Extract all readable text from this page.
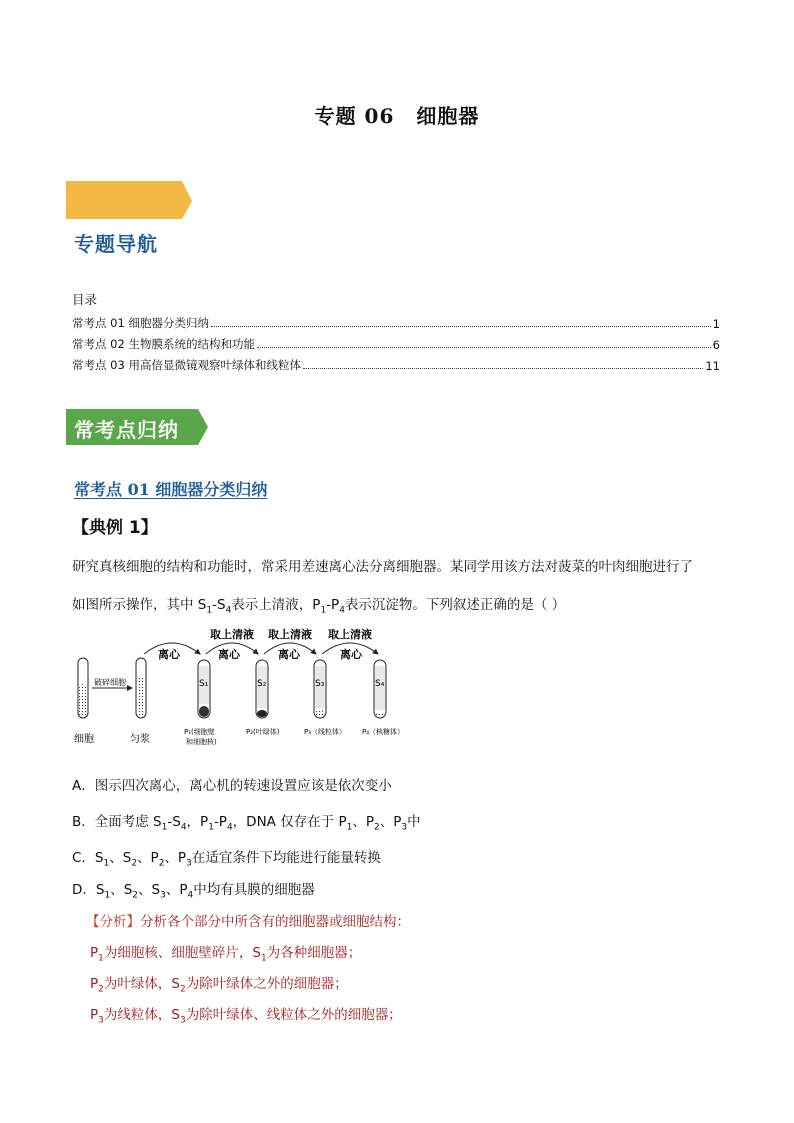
专题 06 细胞器
专题导航
目录
常考点 01 细胞器分类归纳	1
常考点 02 生物膜系统的结构和功能	6
常考点 03 用高倍显微镜观察叶绿体和线粒体	11
常考点归纳
常考点 01 细胞器分类归纳
【典例 1】
研究真核细胞的结构和功能时，常采用差速离心法分离细胞器。某同学用该方法对菠菜的叶肉细胞进行了
如图所示操作，其中 $S_1-S_4$表示上清液，$P_1-P_4$表示沉淀物。下列叙述正确的是（ ）
细胞
破碎细胞
匀浆
离心	离心
取上清液
离心
取上清液
离心
取上清液
S₁
P₁(细胞壁
和细胞核)
S₂
P₂(叶绿体)
S₃
P₃（线粒体）
S₄
P₄（核糖体）
A．图示四次离心，离心机的转速设置应该是依次变小
B．全面考虑 $S_1-S_4$，$P_1-P_4$，DNA 仅存在于 $P_1$、$P_2$、$P_3$中
C．$S_1$、$S_2$、$P_2$、$P_3$在适宜条件下均能进行能量转换
D．$S_1$、$S_2$、$S_3$、$P_4$中均有具膜的细胞器
【分析】分析各个部分中所含有的细胞器或细胞结构：
$P_1$为细胞核、细胞壁碎片，$S_1$为各种细胞器；
$P_2$为叶绿体，$S_2$为除叶绿体之外的细胞器；
$P_3$为线粒体，$S_3$为除叶绿体、线粒体之外的细胞器；
